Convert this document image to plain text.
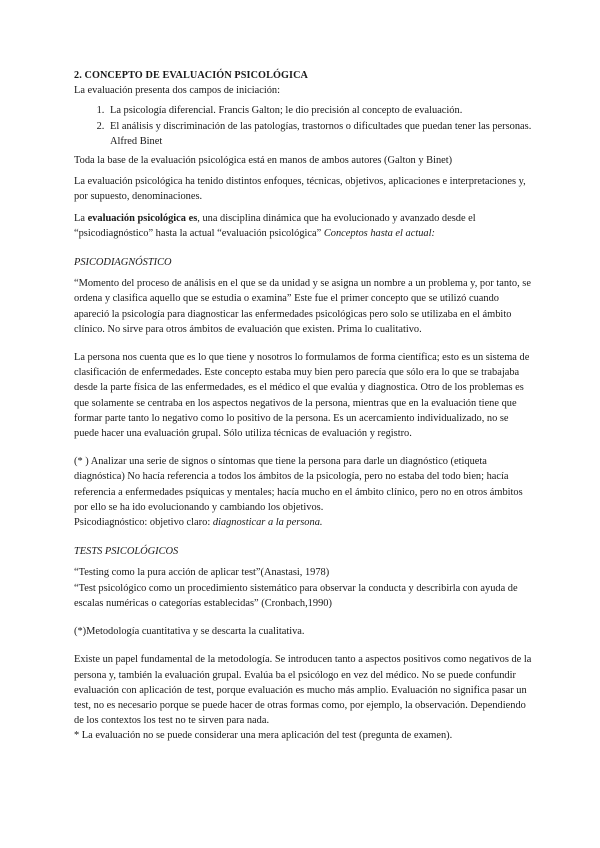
2. CONCEPTO DE EVALUACIÓN PSICOLÓGICA

La evaluación presenta dos campos de iniciación:

1. La psicología diferencial. Francis Galton; le dio precisión al concepto de evaluación.
2. El análisis y discriminación de las patologías, trastornos o dificultades que puedan tener las personas. Alfred Binet

Toda la base de la evaluación psicológica está en manos de ambos autores (Galton y Binet)

La evaluación psicológica ha tenido distintos enfoques, técnicas, objetivos, aplicaciones e interpretaciones y, por supuesto, denominaciones.

La evaluación psicológica es, una disciplina dinámica que ha evolucionado y avanzado desde el “psicodiagnóstico” hasta la actual “evaluación psicológica” Conceptos hasta el actual:

PSICODIAGNÓSTICO

“Momento del proceso de análisis en el que se da unidad y se asigna un nombre a un problema y, por tanto, se ordena y clasifica aquello que se estudia o examina” Este fue el primer concepto que se utilizó cuando apareció la psicología para diagnosticar las enfermedades psicológicas pero solo se utilizaba en el ámbito clínico. No sirve para otros ámbitos de evaluación que existen. Prima lo cualitativo.

La persona nos cuenta que es lo que tiene y nosotros lo formulamos de forma científica; esto es un sistema de clasificación de enfermedades. Este concepto estaba muy bien pero parecía que sólo era lo que se trabajaba desde la parte física de las enfermedades, es el médico el que evalúa y diagnostica. Otro de los problemas es que solamente se centraba en los aspectos negativos de la persona, mientras que en la evaluación tiene que formar parte tanto lo negativo como lo positivo de la persona. Es un acercamiento individualizado, no se puede hacer una evaluación grupal. Sólo utiliza técnicas de evaluación y registro.

(* ) Analizar una serie de signos o síntomas que tiene la persona para darle un diagnóstico (etiqueta diagnóstica) No hacía referencia a todos los ámbitos de la psicología, pero no estaba del todo bien; hacía referencia a enfermedades psíquicas y mentales; hacía mucho en el ámbito clínico, pero no en otros ámbitos por ello se ha ido evolucionando y cambiando los objetivos.

Psicodiagnóstico: objetivo claro: diagnosticar a la persona.

TESTS PSICOLÓGICOS

“Testing como la pura acción de aplicar test”(Anastasi, 1978)

“Test psicológico como un procedimiento sistemático para observar la conducta y describirla con ayuda de escalas numéricas o categorías establecidas” (Cronbach,1990)

(*)Metodología cuantitativa y se descarta la cualitativa.

Existe un papel fundamental de la metodología. Se introducen tanto a aspectos positivos como negativos de la persona y, también la evaluación grupal. Evalúa ba el psicólogo en vez del médico. No se puede confundir evaluación con aplicación de test, porque evaluación es mucho más amplio. Evaluación no significa pasar un test, no es necesario porque se puede hacer de otras formas como, por ejemplo, la observación. Dependiendo de los contextos los test no te sirven para nada.

* La evaluación no se puede considerar una mera aplicación del test (pregunta de examen).
